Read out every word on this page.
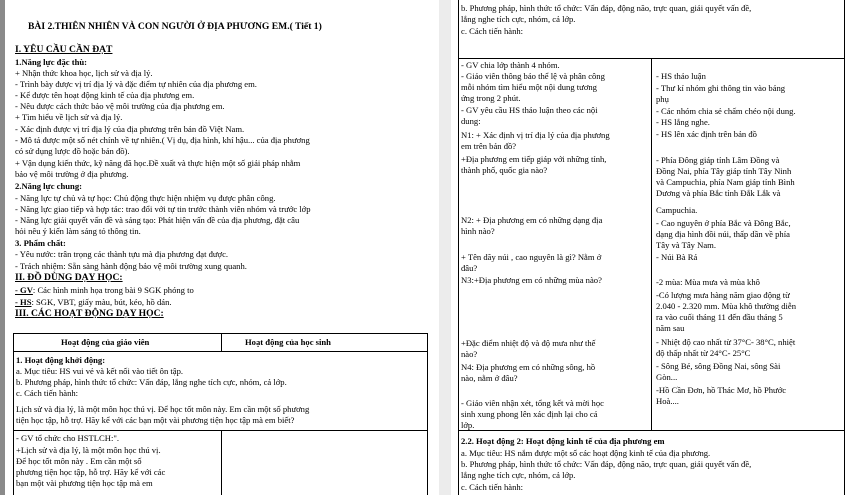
BÀI 2.THIÊN NHIÊN VÀ CON NGƯỜI Ở ĐỊA PHƯƠNG EM.( Tiết 1)
I. YÊU CẦU CẦN ĐẠT
1.Năng lực đặc thù:
+ Nhận thức khoa học, lịch sử và địa lý.
- Trình bày được vị trí địa lý và đặc điểm tự nhiên của địa phương em.
- Kể được tên hoạt động kinh tế của địa phương em.
- Nêu được cách thức bảo vệ môi trường của địa phương em.
+ Tìm hiểu về lịch sử và địa lý.
- Xác định được vị trí địa lý của địa phương trên bản đồ Việt Nam.
- Mô tả được một số nét chính về tự nhiên.( Vị dụ, địa hình, khí hậu... của địa phương
có sử dụng lược đồ hoặc bản đồ).
+ Vận dụng kiến thức, kỹ năng đã học.Đề xuất và thực hiện một số giải pháp nhằm
bảo vệ môi trường ở địa phương.
2.Năng lực chung:
- Năng lực tự chủ và tự học: Chủ động thực hiện nhiệm vụ được phân công.
- Năng lực giao tiếp và hợp tác: trao đổi với tự tin trước thành viên nhóm và trước lớp
- Năng lực giải quyết vấn đề và sáng tạo: Phát hiện vấn đề của địa phương, đặt câu
hỏi nêu ý kiến làm sáng tỏ thông tin.
3. Phẩm chất:
- Yêu nước: trân trọng các thành tựu mà địa phương đạt được.
- Trách nhiệm: Sẵn sàng hành động bảo vệ môi trường xung quanh.
II. ĐỒ DÙNG DẠY HỌC:
- GV: Các hình minh họa trong bài 9 SGK phóng to
- HS: SGK, VBT, giấy màu, bút, kéo, hồ dán.
III. CÁC HOẠT ĐỘNG DẠY HỌC:
Hoạt động của giáo viên	Hoạt động của học sinh
1. Hoạt động khởi động:
a. Mục tiêu: HS vui vẻ và kết nối vào tiết ôn tập.
b. Phương pháp, hình thức tổ chức: Vấn đáp, lắng nghe tích cực, nhóm, cả lớp.
c. Cách tiến hành:
Lịch sử và địa lý, là một môn học thú vị. Để học tốt môn này. Em cần một số phương
tiện học tập, hỗ trợ. Hãy kể với các bạn một vài phương tiện học tập mà em biết?
- GV tổ chức cho HSTLCH:".
+Lịch sử và địa lý, là một môn học thú vị.
Để học tốt môn này . Em cần một số
phương tiện học tập, hỗ trợ. Hãy kể với các
bạn một vài phương tiện học tập mà em
b. Phương pháp, hình thức tổ chức: Vấn đáp, động não, trực quan, giải quyết vấn đề,
lắng nghe tích cực, nhóm, cả lớp.
c. Cách tiến hành:
- GV chia lớp thành 4 nhóm.
- Giáo viên thông báo thể lệ và phân công
mỗi nhóm tìm hiểu một nội dung tương
ứng trong 2 phút.
- GV yêu cầu HS thảo luận theo các nội
dung:
N1: + Xác định vị trí địa lý của địa phương
em trên bản đồ?
+Địa phương em tiếp giáp với những tỉnh,
thành phố, quốc gia nào?
N2: + Địa phương em có những dạng địa
hình nào?
+ Tên dãy núi , cao nguyên là gì? Nằm ở
đâu?
N3:+Địa phương em có những mùa nào?
+Đặc điểm nhiệt độ và độ mưa như thế
nào?
N4: Địa phương em có những sông, hồ
nào, nằm ở đâu?
- Giáo viên nhận xét, tổng kết và mời học
sinh xung phong lên xác định lại cho cả
lớp.
- HS thảo luận
- Thư kí nhóm ghi thông tin vào bảng
phụ
- Các nhóm chia sẻ chấm chéo nội dung.
- HS lắng nghe.
- HS lên xác định trên bản đồ
- Phía Đông giáp tỉnh Lâm Đồng và
Đồng Nai, phía Tây giáp tỉnh Tây Ninh
và Campuchia, phía Nam giáp tỉnh Bình
Dương và phía Bắc tỉnh Đắk Lắk và
Campuchia.
- Cao nguyên ở phía Bắc và Đông Bắc,
dạng địa hình đồi núi, thấp dần về phía
Tây và Tây Nam.
- Núi Bà Rá
-2 mùa: Mùa mưa và mùa khô
-Có lượng mưa hàng năm giao động từ
2.040 - 2.320 mm. Mùa khô thường diễn
ra vào cuối tháng 11 đến đầu tháng 5
năm sau
- Nhiệt độ cao nhất từ 37°C- 38°C, nhiệt
độ thấp nhất từ 24°C- 25°C
- Sông Bé, sông Đồng Nai, sông Sài
Gòn...
-Hồ Cần Đơn, hồ Thác Mơ, hồ Phước
Hoà....
2.2. Hoạt động 2: Hoạt động kinh tế của địa phương em
a. Mục tiêu: HS nắm được một số các hoạt động kinh tế của địa phương.
b. Phương pháp, hình thức tổ chức: Vấn đáp, động não, trực quan, giải quyết vấn đề,
lắng nghe tích cực, nhóm, cả lớp.
c. Cách tiến hành:
